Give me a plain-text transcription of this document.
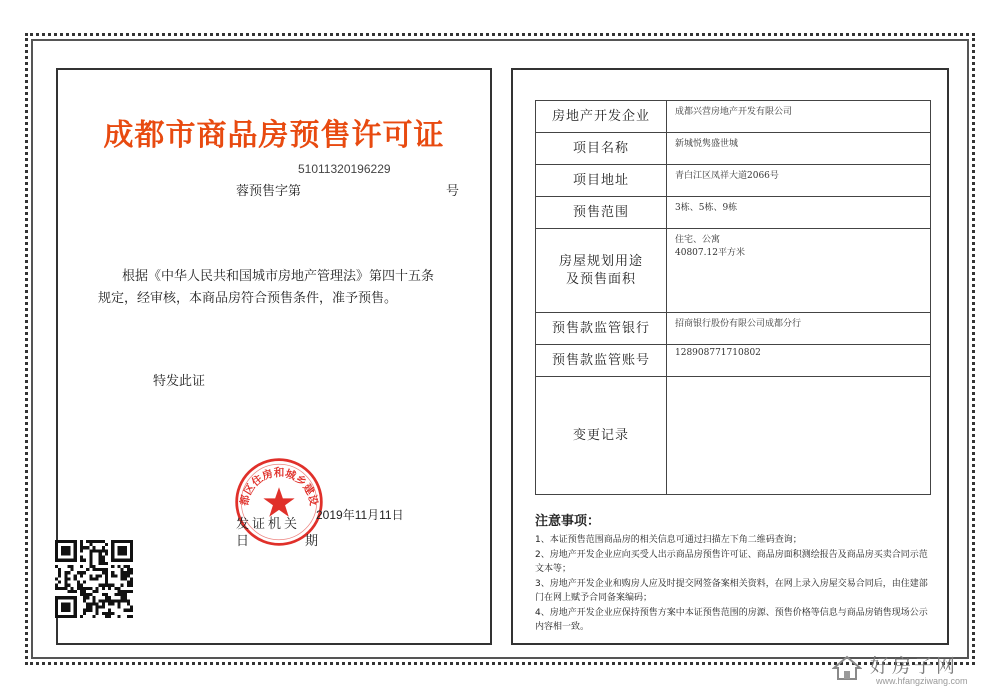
成都市商品房预售许可证
51011320196229
蓉预售字第	号

根据《中华人民共和国城市房地产管理法》第四十五条
规定，经审核，本商品房符合预售条件，准予预售。

特发此证
新都区住房和城乡建设局
发证机关
2019年11月11日
日	期
房地产开发企业	成都兴营房地产开发有限公司
项目名称	新城悦隽盛世城
项目地址	青白江区凤祥大道2066号
预售范围	3栋、5栋、9栋
房屋规划用途
及预售面积	住宅、公寓
40807.12平方米
预售款监管银行	招商银行股份有限公司成都分行
预售款监管账号	128908771710802
变更记录	
注意事项：
1、本证预售范围商品房的相关信息可通过扫描左下角二维码查询；
2、房地产开发企业应向买受人出示商品房预售许可证、商品房面积测绘报告及商品房买卖合同示范文本等；
3、房地产开发企业和购房人应及时提交网签备案相关资料，在网上录入房屋交易合同后，由住建部门在网上赋予合同备案编码；
4、房地产开发企业应保持预售方案中本证预售范围的房源、预售价格等信息与商品房销售现场公示内容相一致。
好房子网
www.hfangziwang.com
